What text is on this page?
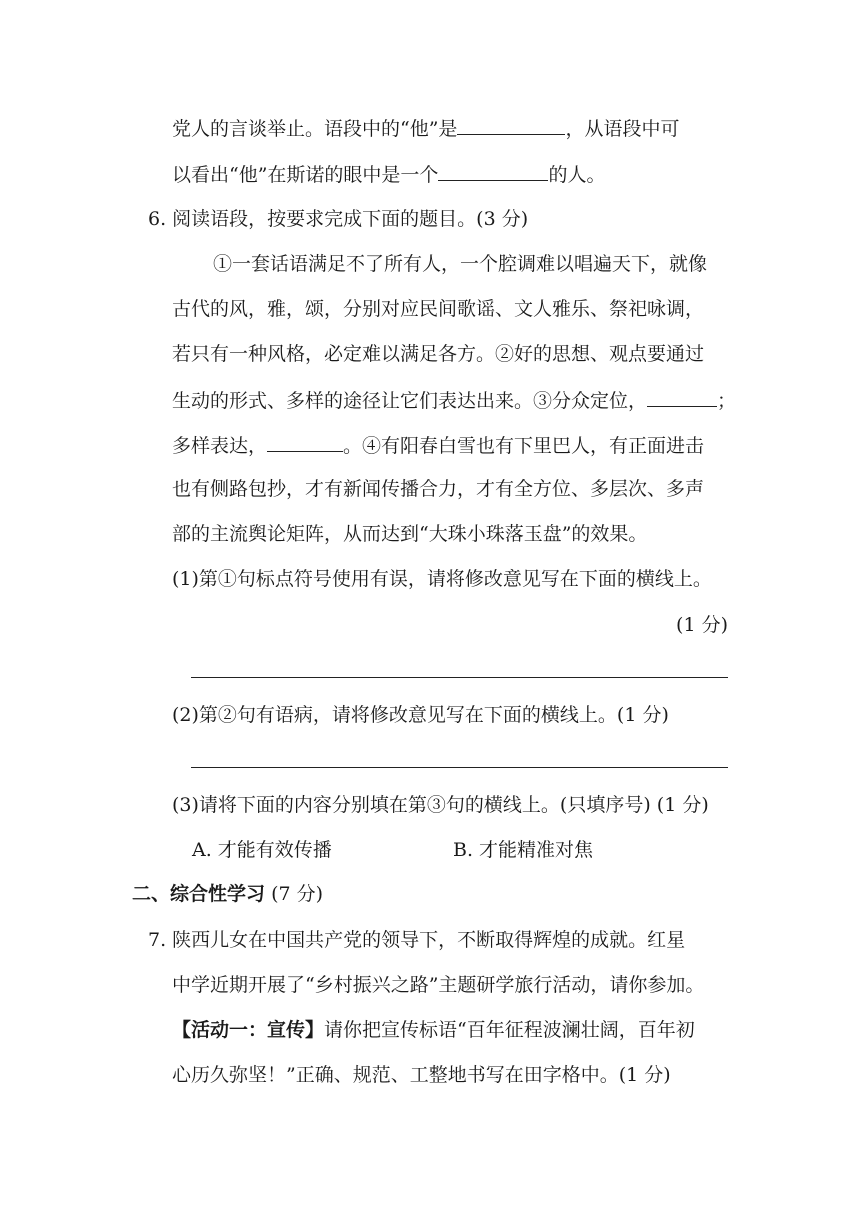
党人的言谈举止。语段中的“他”是	，从语段中可
以看出“他”在斯诺的眼中是一个	的人。
6. 阅读语段，按要求完成下面的题目。(3 分)
①一套话语满足不了所有人，一个腔调难以唱遍天下，就像
古代的风，雅，颂，分别对应民间歌谣、文人雅乐、祭祀咏调，
若只有一种风格，必定难以满足各方。②好的思想、观点要通过
生动的形式、多样的途径让它们表达出来。③分众定位，	；
多样表达，	。④有阳春白雪也有下里巴人，有正面进击
也有侧路包抄，才有新闻传播合力，才有全方位、多层次、多声
部的主流舆论矩阵，从而达到“大珠小珠落玉盘”的效果。
(1)第①句标点符号使用有误，请将修改意见写在下面的横线上。
(1 分)
(2)第②句有语病，请将修改意见写在下面的横线上。(1 分)
(3)请将下面的内容分别填在第③句的横线上。(只填序号) (1 分)
A. 才能有效传播	B. 才能精准对焦
二、综合性学习 (7 分)
7. 陕西儿女在中国共产党的领导下，不断取得辉煌的成就。红星
中学近期开展了“乡村振兴之路”主题研学旅行活动，请你参加。
【活动一：宣传】请你把宣传标语“百年征程波澜壮阔，百年初
心历久弥坚！”正确、规范、工整地书写在田字格中。(1 分)
